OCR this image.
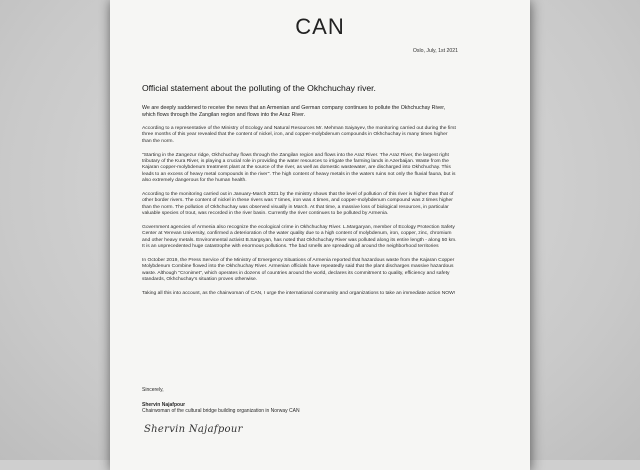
CAN
Oslo, July, 1st 2021
Official statement about the polluting of the Okhchuchay river.

We are deeply saddened to receive the news that an Armenian and German company continues to pollute the Okhchuchay River, which flows through the Zangilan region and flows into the Araz River.

According to a representative of the Ministry of Ecology and Natural Resources Mr. Mehman Saiyayev, the monitoring carried out during the first three months of this year revealed that the content of nickel, iron, and copper-molybdenum compounds in Okhchuchay is many times higher than the norm.

"Starting in the Zangezur ridge, Okhchuchay flows through the Zangilan region and flows into the Araz River. The Araz River, the largest right tributary of the Kura River, is playing a crucial role in providing the water resources to irrigate the farming lands in Azerbaijan. Waste from the Kajaran copper-molybdenum treatment plant at the source of the river, as well as domestic wastewater, are discharged into Okhchuchay. This leads to an excess of heavy metal compounds in the river". The high content of heavy metals in the waters ruins not only the fluvial fauna, but is also extremely dangerous for the human health.

According to the monitoring carried out in January-March 2021 by the ministry shows that the level of pollution of this river is higher than that of other border rivers. The content of nickel in these rivers was 7 times, iron was 4 times, and copper-molybdenum compound was 2 times higher than the norm. The pollution of Okhchuchay was observed visually in March. At that time, a massive loss of biological resources, in particular valuable species of trout, was recorded in the river basin. Currently the river continues to be polluted by Armenia.

Government agencies of Armenia also recognize the ecological crime in Okhchuchay River. L.Margaryan, member of Ecology Protection Safety Center at Yerevan University, confirmed a deterioration of the water quality due to a high content of molybdenum, iron, copper, zinc, chromium and other heavy metals. Environmental activist B.Sargsyan, has noted that Okhchuchay River was polluted along its entire length - along 50 km. It is an unprecedented huge catastrophe with enormous pollutions. The bad smells are spreading all around the neighborhood territories

In October 2019, the Press Service of the Ministry of Emergency Situations of Armenia reported that hazardous waste from the Kajaran Copper Molybdenum Combine flowed into the Okhchuchay River. Armenian officials have repeatedly said that the plant discharges massive hazardous waste. Although "Cronimet", which operates in dozens of countries around the world, declares its commitment to quality, efficiency and safety standards, Okhchuchay's situation proves otherwise.

Taking all this into account, as the chairwoman of CAN, I urge the international community and organizations to take an immediate action NOW!

Sincerely,
Shervin Najafpour
Chairwoman of the cultural bridge building organization in Norway CAN
Shervin Najafpour
